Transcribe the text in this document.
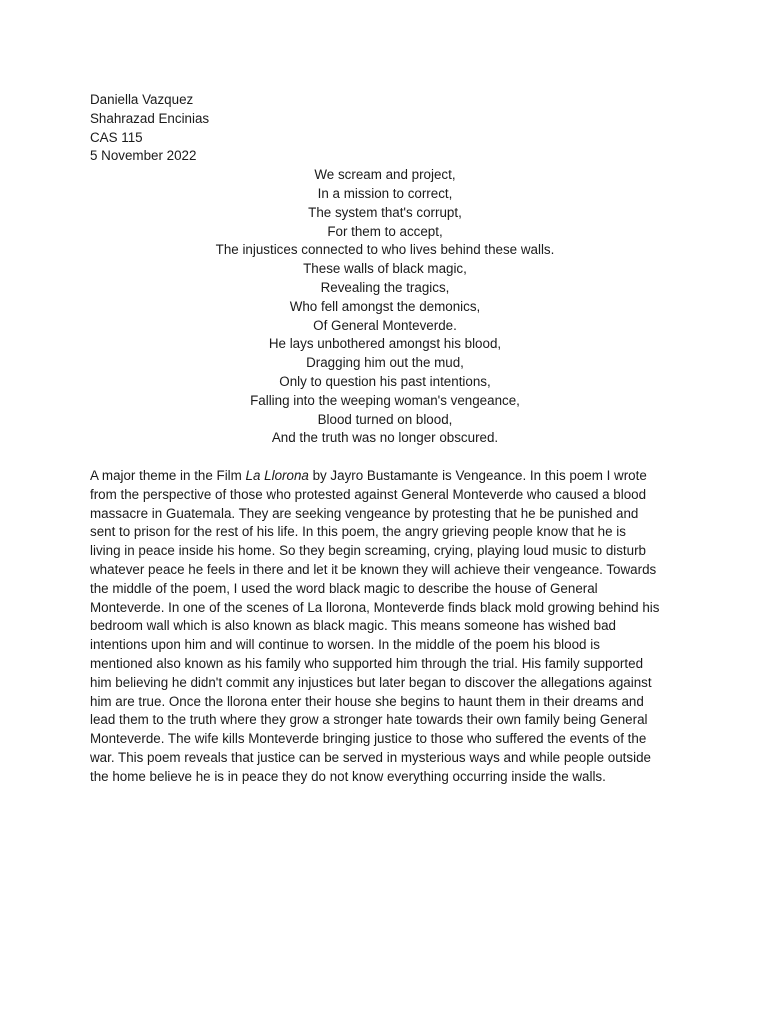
Daniella Vazquez
Shahrazad Encinias
CAS 115
5 November 2022
We scream and project,
In a mission to correct,
The system that's corrupt,
For them to accept,
The injustices connected to who lives behind these walls.
These walls of black magic,
Revealing the tragics,
Who fell amongst the demonics,
Of General Monteverde.
He lays unbothered amongst his blood,
Dragging him out the mud,
Only to question his past intentions,
Falling into the weeping woman's vengeance,
Blood turned on blood,
And the truth was no longer obscured.
A major theme in the Film La Llorona by Jayro Bustamante is Vengeance. In this poem I wrote
from the perspective of those who protested against General Monteverde who caused a blood
massacre in Guatemala. They are seeking vengeance by protesting that he be punished and
sent to prison for the rest of his life. In this poem, the angry grieving people know that he is
living in peace inside his home. So they begin screaming, crying, playing loud music to disturb
whatever peace he feels in there and let it be known they will achieve their vengeance. Towards
the middle of the poem, I used the word black magic to describe the house of General
Monteverde. In one of the scenes of La llorona, Monteverde finds black mold growing behind his
bedroom wall which is also known as black magic. This means someone has wished bad
intentions upon him and will continue to worsen. In the middle of the poem his blood is
mentioned also known as his family who supported him through the trial. His family supported
him believing he didn't commit any injustices but later began to discover the allegations against
him are true. Once the llorona enter their house she begins to haunt them in their dreams and
lead them to the truth where they grow a stronger hate towards their own family being General
Monteverde. The wife kills Monteverde bringing justice to those who suffered the events of the
war. This poem reveals that justice can be served in mysterious ways and while people outside
the home believe he is in peace they do not know everything occurring inside the walls.
